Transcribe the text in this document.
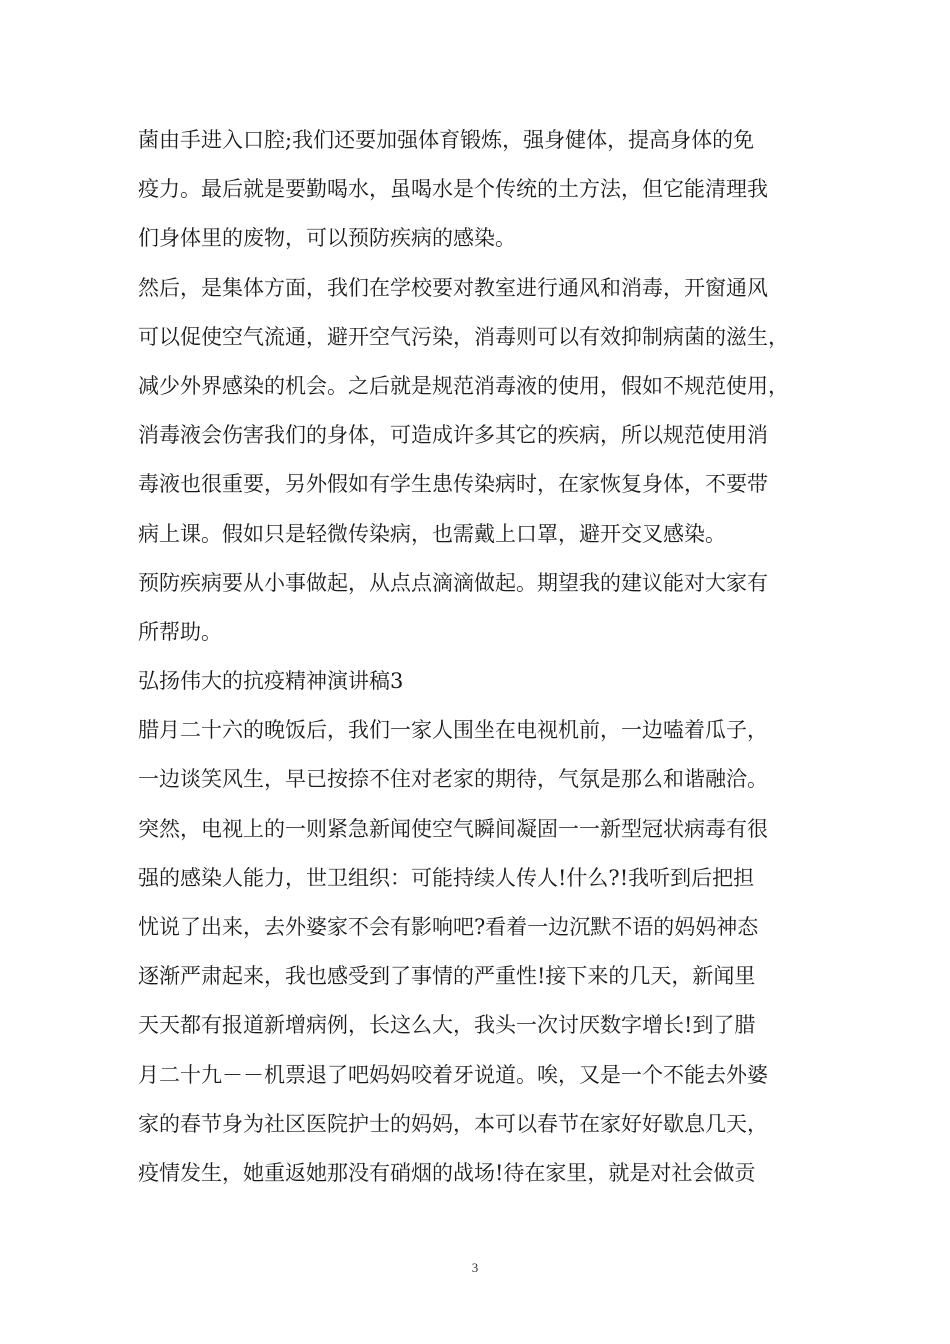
菌由手进入口腔;我们还要加强体育锻炼，强身健体，提高身体的免
疫力。最后就是要勤喝水，虽喝水是个传统的土方法，但它能清理我
们身体里的废物，可以预防疾病的感染。
然后，是集体方面，我们在学校要对教室进行通风和消毒，开窗通风
可以促使空气流通，避开空气污染，消毒则可以有效抑制病菌的滋生，
减少外界感染的机会。之后就是规范消毒液的使用，假如不规范使用，
消毒液会伤害我们的身体，可造成许多其它的疾病，所以规范使用消
毒液也很重要，另外假如有学生患传染病时，在家恢复身体，不要带
病上课。假如只是轻微传染病，也需戴上口罩，避开交叉感染。
预防疾病要从小事做起，从点点滴滴做起。期望我的建议能对大家有
所帮助。
弘扬伟大的抗疫精神演讲稿3
腊月二十六的晚饭后，我们一家人围坐在电视机前，一边嗑着瓜子，
一边谈笑风生，早已按捺不住对老家的期待，气氛是那么和谐融洽。
突然，电视上的一则紧急新闻使空气瞬间凝固一一新型冠状病毒有很
强的感染人能力，世卫组织：可能持续人传人!什么?!我听到后把担
忧说了出来，去外婆家不会有影响吧?看着一边沉默不语的妈妈神态
逐渐严肃起来，我也感受到了事情的严重性!接下来的几天，新闻里
天天都有报道新增病例，长这么大，我头一次讨厌数字增长!到了腊
月二十九－－机票退了吧妈妈咬着牙说道。唉，又是一个不能去外婆
家的春节身为社区医院护士的妈妈，本可以春节在家好好歇息几天，
疫情发生，她重返她那没有硝烟的战场!待在家里，就是对社会做贡
3
